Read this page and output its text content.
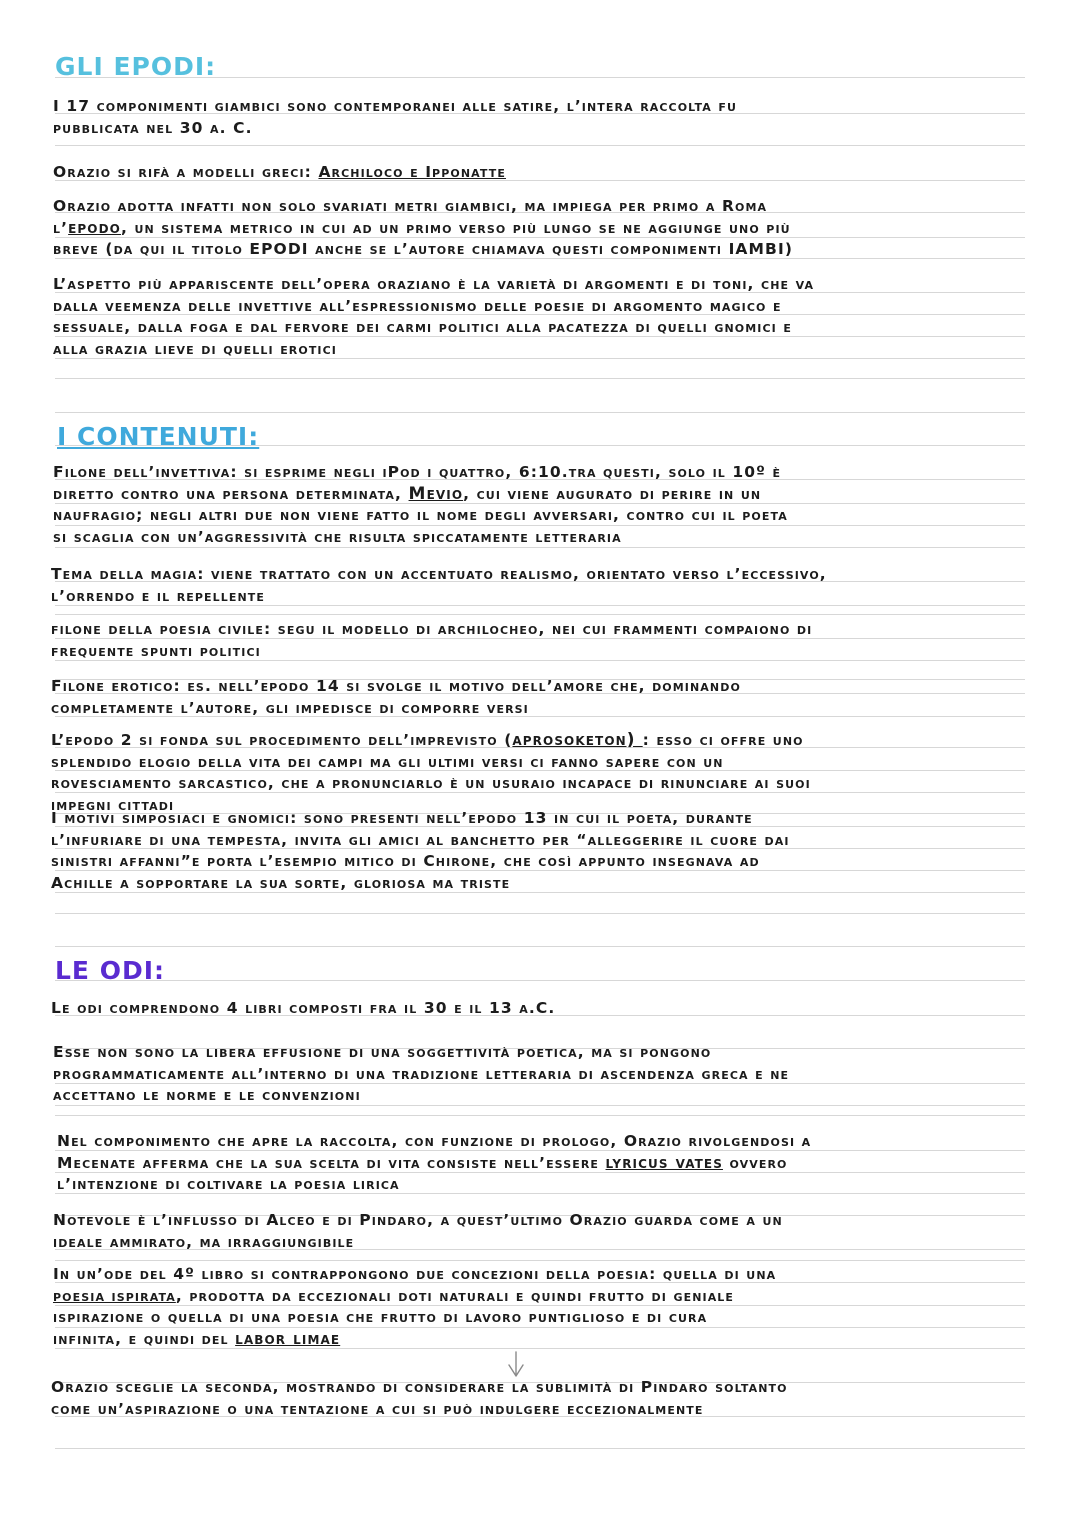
GLI EPODI:

I 17 componimenti giambici sono contemporanei alle satire, l’intera raccolta fu
pubblicata nel 30 a. C.

Orazio si rifà a modelli greci: Archiloco e Ipponatte

Orazio adotta infatti non solo svariati metri giambici, ma impiega per primo a Roma
l’epodo, un sistema metrico in cui ad un primo verso più lungo se ne aggiunge uno più
breve (da qui il titolo EPODI anche se l’autore chiamava questi componimenti IAMBI)

L’aspetto più appariscente dell’opera oraziano è la varietà di argomenti e di toni, che va
dalla veemenza delle invettive all’espressionismo delle poesie di argomento magico e
sessuale, dalla foga e dal fervore dei carmi politici alla pacatezza di quelli gnomici e
alla grazia lieve di quelli erotici

I CONTENUTI:

Filone dell’invettiva: si esprime negli iPod i quattro, 6:10.tra questi, solo il 10º è
diretto contro una persona determinata, Mevio, cui viene augurato di perire in un
naufragio; negli altri due non viene fatto il nome degli avversari, contro cui il poeta
si scaglia con un’aggressività che risulta spiccatamente letteraria

Tema della magia: viene trattato con un accentuato realismo, orientato verso l’eccessivo,
l’orrendo e il repellente

filone della poesia civile: segu il modello di archilocheo, nei cui frammenti compaiono di
frequente spunti politici

Filone erotico: es. nell’epodo 14 si svolge il motivo dell’amore che, dominando
completamente l’autore, gli impedisce di comporre versi

L’epodo 2 si fonda sul procedimento dell’imprevisto (aprosoketon) : esso ci offre uno
splendido elogio della vita dei campi ma gli ultimi versi ci fanno sapere con un
rovesciamento sarcastico, che a pronunciarlo è un usuraio incapace di rinunciare ai suoi
impegni cittadi

I motivi simposiaci e gnomici: sono presenti nell’epodo 13 in cui il poeta, durante
l’infuriare di una tempesta, invita gli amici al banchetto per “alleggerire il cuore dai
sinistri affanni”e porta l’esempio mitico di Chirone, che così appunto insegnava ad
Achille a sopportare la sua sorte, gloriosa ma triste

LE ODI:

Le odi comprendono 4 libri composti fra il 30 e il 13 a.C.

Esse non sono la libera effusione di una soggettività poetica, ma si pongono
programmaticamente all’interno di una tradizione letteraria di ascendenza greca e ne
accettano le norme e le convenzioni

Nel componimento che apre la raccolta, con funzione di prologo, Orazio rivolgendosi a
Mecenate afferma che la sua scelta di vita consiste nell’essere lyricus vates ovvero
l’intenzione di coltivare la poesia lirica

Notevole è l’influsso di Alceo e di Pindaro, a quest’ultimo Orazio guarda come a un
ideale ammirato, ma irraggiungibile

In un’ode del 4º libro si contrappongono due concezioni della poesia: quella di una
poesia ispirata, prodotta da eccezionali doti naturali e quindi frutto di geniale
ispirazione o quella di una poesia che frutto di lavoro puntiglioso e di cura
infinita, e quindi del labor limae

Orazio sceglie la seconda, mostrando di considerare la sublimità di Pindaro soltanto
come un’aspirazione o una tentazione a cui si può indulgere eccezionalmente
